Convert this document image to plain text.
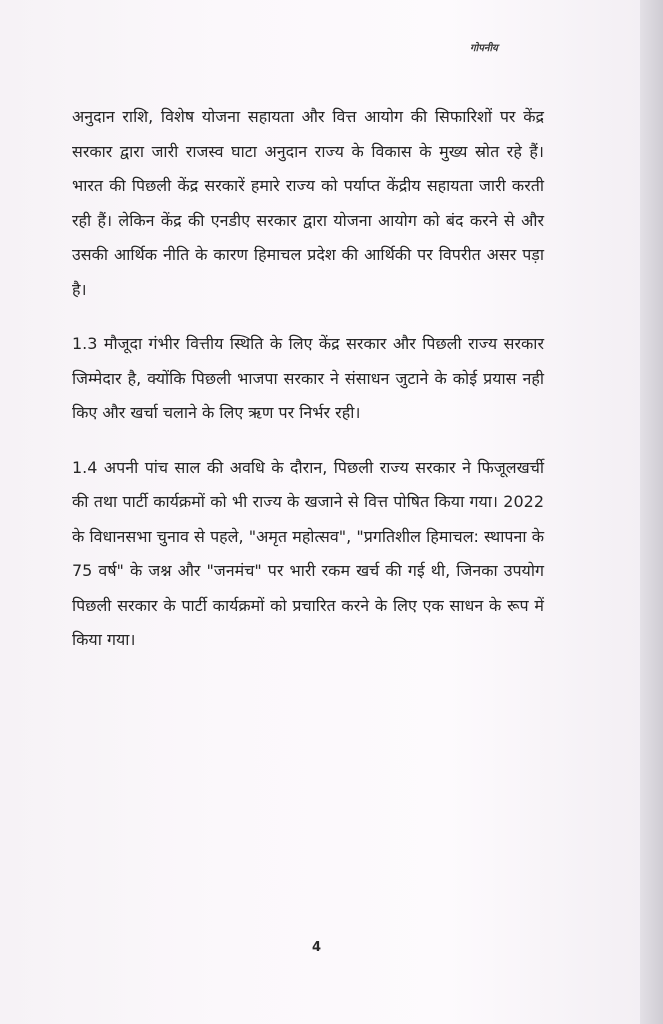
गोपनीय

अनुदान राशि, विशेष योजना सहायता और वित्त आयोग की सिफारिशों पर केंद्र सरकार द्वारा जारी राजस्व घाटा अनुदान राज्य के विकास के मुख्य स्रोत रहे हैं। भारत की पिछली केंद्र सरकारें हमारे राज्य को पर्याप्त केंद्रीय सहायता जारी करती रही हैं। लेकिन केंद्र की एनडीए सरकार द्वारा योजना आयोग को बंद करने से और उसकी आर्थिक नीति के कारण हिमाचल प्रदेश की आर्थिकी पर विपरीत असर पड़ा है।

1.3 मौजूदा गंभीर वित्तीय स्थिति के लिए केंद्र सरकार और पिछली राज्य सरकार जिम्मेदार है, क्योंकि पिछली भाजपा सरकार ने संसाधन जुटाने के कोई प्रयास नही किए और खर्चा चलाने के लिए ऋण पर निर्भर रही।

1.4 अपनी पांच साल की अवधि के दौरान, पिछली राज्य सरकार ने फिजूलखर्ची की तथा पार्टी कार्यक्रमों को भी राज्य के खजाने से वित्त पोषित किया गया। 2022 के विधानसभा चुनाव से पहले, "अमृत महोत्सव", "प्रगतिशील हिमाचल: स्थापना के 75 वर्ष" के जश्न और "जनमंच" पर भारी रकम खर्च की गई थी, जिनका उपयोग पिछली सरकार के पार्टी कार्यक्रमों को प्रचारित करने के लिए एक साधन के रूप में किया गया।

4
